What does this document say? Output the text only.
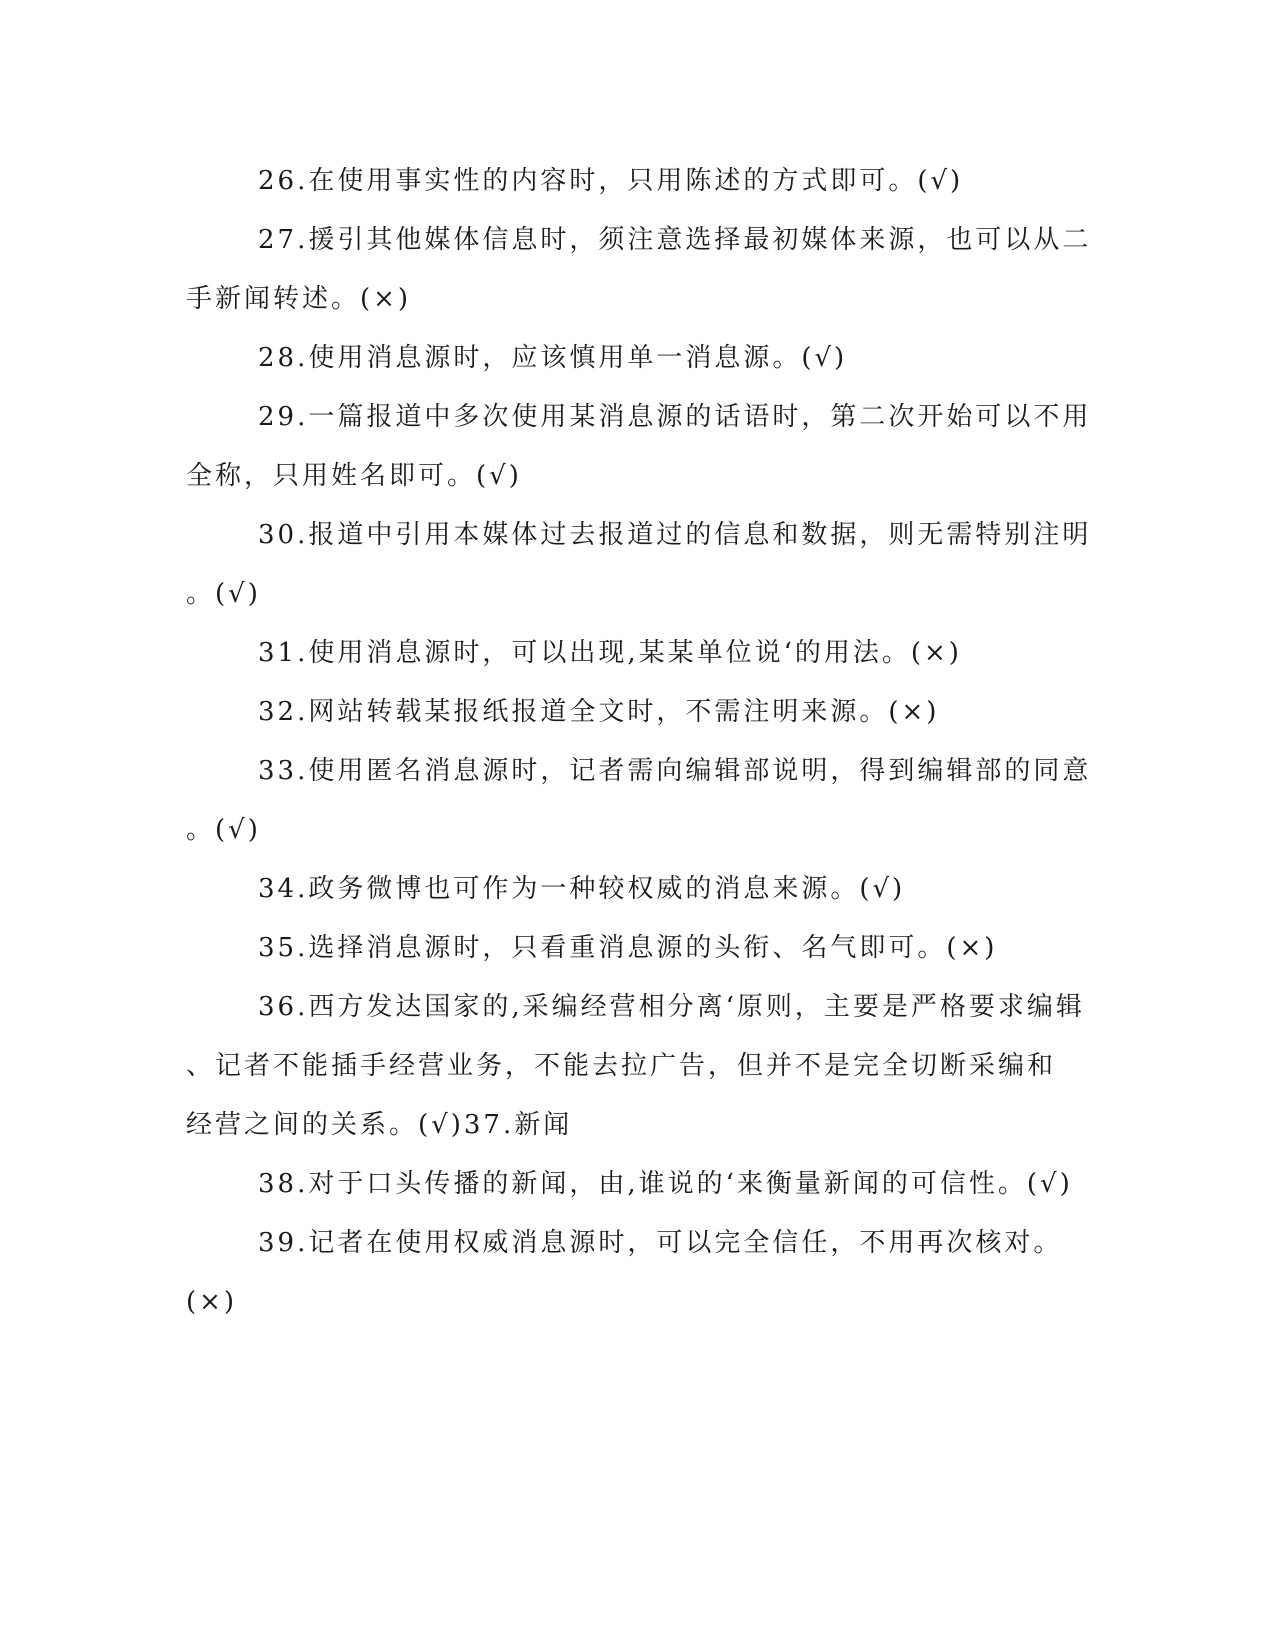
26.在使用事实性的内容时，只用陈述的方式即可。(√)
27.援引其他媒体信息时，须注意选择最初媒体来源，也可以从二
手新闻转述。(×)
28.使用消息源时，应该慎用单一消息源。(√)
29.一篇报道中多次使用某消息源的话语时，第二次开始可以不用
全称，只用姓名即可。(√)
30.报道中引用本媒体过去报道过的信息和数据，则无需特别注明
。(√)
31.使用消息源时，可以出现,某某单位说‘的用法。(×)
32.网站转载某报纸报道全文时，不需注明来源。(×)
33.使用匿名消息源时，记者需向编辑部说明，得到编辑部的同意
。(√)
34.政务微博也可作为一种较权威的消息来源。(√)
35.选择消息源时，只看重消息源的头衔、名气即可。(×)
36.西方发达国家的,采编经营相分离‘原则，主要是严格要求编辑
、记者不能插手经营业务，不能去拉广告，但并不是完全切断采编和
经营之间的关系。(√)37.新闻
38.对于口头传播的新闻，由,谁说的‘来衡量新闻的可信性。(√)
39.记者在使用权威消息源时，可以完全信任，不用再次核对。
(×)
